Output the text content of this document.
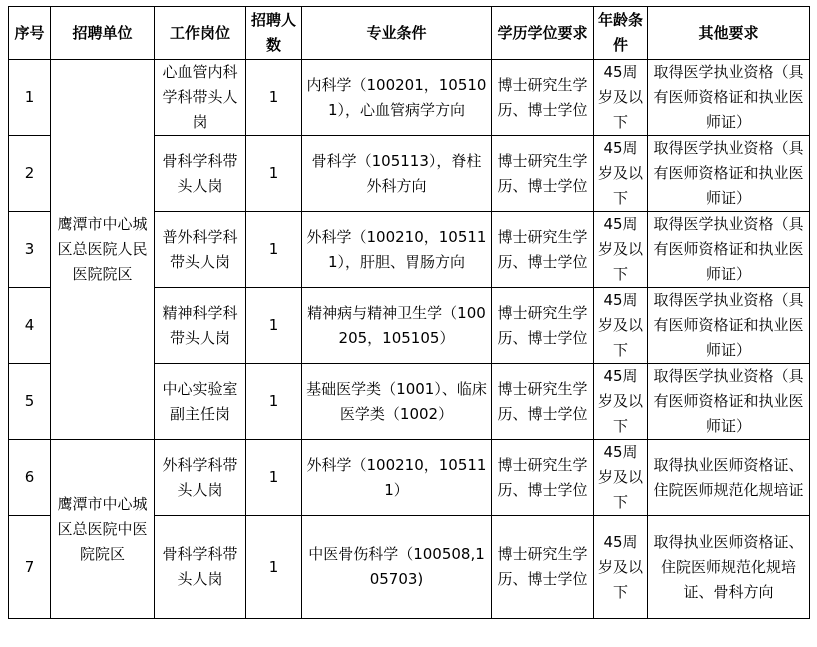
序号	招聘单位	工作岗位	招聘人数	专业条件	学历学位要求	年龄条件	其他要求
1	鹰潭市中心城区总医院人民医院院区	心血管内科学科带头人岗	1	内科学（100201，105101），心血管病学方向	博士研究生学历、博士学位	45周岁及以下	取得医学执业资格（具有医师资格证和执业医师证）
2		骨科学科带头人岗	1	骨科学（105113），脊柱外科方向	博士研究生学历、博士学位	45周岁及以下	取得医学执业资格（具有医师资格证和执业医师证）
3		普外科学科带头人岗	1	外科学（100210，105111），肝胆、胃肠方向	博士研究生学历、博士学位	45周岁及以下	取得医学执业资格（具有医师资格证和执业医师证）
4		精神科学科带头人岗	1	精神病与精神卫生学（100205，105105）	博士研究生学历、博士学位	45周岁及以下	取得医学执业资格（具有医师资格证和执业医师证）
5		中心实验室副主任岗	1	基础医学类（1001）、临床医学类（1002）	博士研究生学历、博士学位	45周岁及以下	取得医学执业资格（具有医师资格证和执业医师证）
6	鹰潭市中心城区总医院中医院院区	外科学科带头人岗	1	外科学（100210，105111）	博士研究生学历、博士学位	45周岁及以下	取得执业医师资格证、住院医师规范化规培证
7		骨科学科带头人岗	1	中医骨伤科学（100508,105703)	博士研究生学历、博士学位	45周岁及以下	取得执业医师资格证、住院医师规范化规培证、骨科方向
